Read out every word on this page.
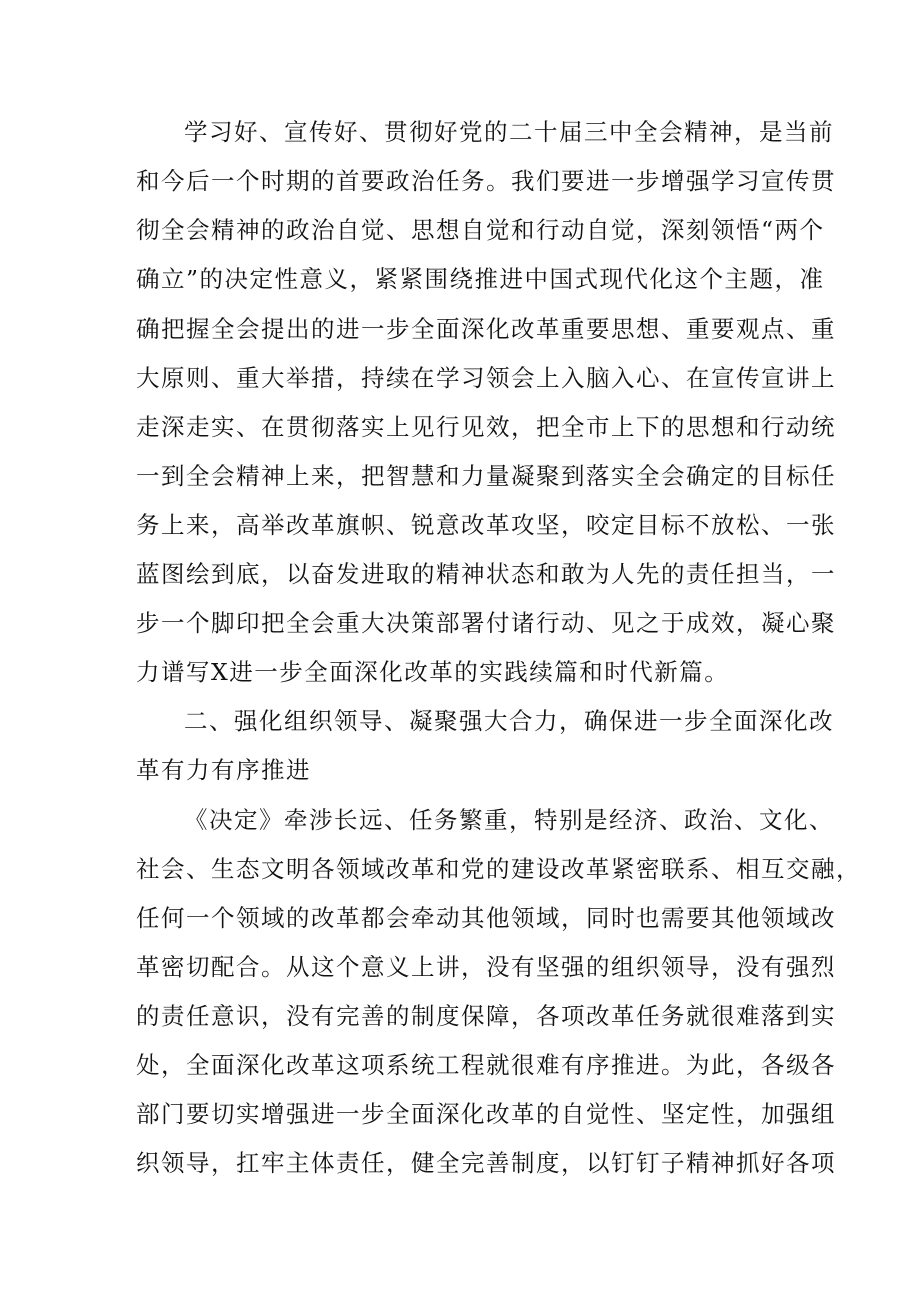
学习好、宣传好、贯彻好党的二十届三中全会精神，是当前

和今后一个时期的首要政治任务。我们要进一步增强学习宣传贯

彻全会精神的政治自觉、思想自觉和行动自觉，深刻领悟“两个

确立”的决定性意义，紧紧围绕推进中国式现代化这个主题，准

确把握全会提出的进一步全面深化改革重要思想、重要观点、重

大原则、重大举措，持续在学习领会上入脑入心、在宣传宣讲上

走深走实、在贯彻落实上见行见效，把全市上下的思想和行动统

一到全会精神上来，把智慧和力量凝聚到落实全会确定的目标任

务上来，高举改革旗帜、锐意改革攻坚，咬定目标不放松、一张

蓝图绘到底，以奋发进取的精神状态和敢为人先的责任担当，一

步一个脚印把全会重大决策部署付诸行动、见之于成效，凝心聚

力谱写X进一步全面深化改革的实践续篇和时代新篇。

二、强化组织领导、凝聚强大合力，确保进一步全面深化改

革有力有序推进

《决定》牵涉长远、任务繁重，特别是经济、政治、文化、

社会、生态文明各领域改革和党的建设改革紧密联系、相互交融，

任何一个领域的改革都会牵动其他领域，同时也需要其他领域改

革密切配合。从这个意义上讲，没有坚强的组织领导，没有强烈

的责任意识，没有完善的制度保障，各项改革任务就很难落到实

处，全面深化改革这项系统工程就很难有序推进。为此，各级各

部门要切实增强进一步全面深化改革的自觉性、坚定性，加强组

织领导，扛牢主体责任，健全完善制度，以钉钉子精神抓好各项
